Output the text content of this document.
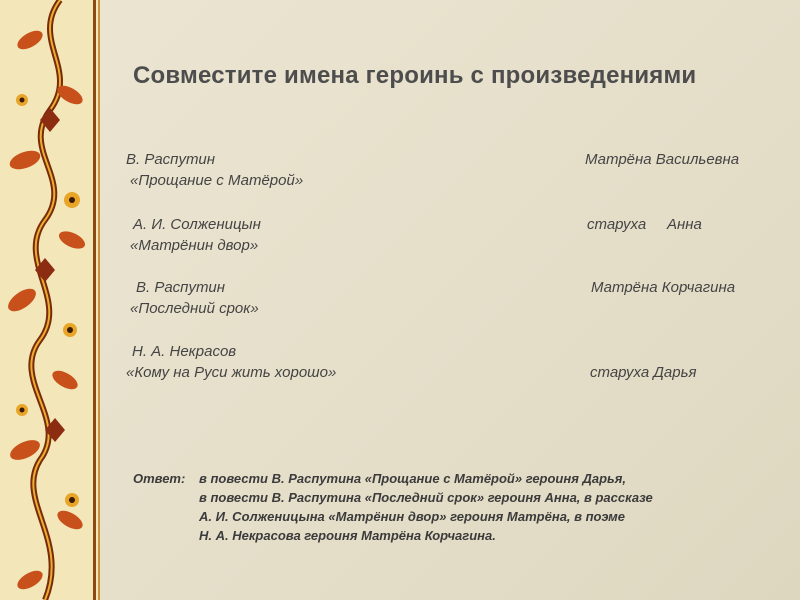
Совместите имена героинь с произведениями
В. Распутин
«Прощание с Матёрой»
Матрёна Васильевна
А. И. Солженицын
«Матрёнин двор»
старуха     Анна
В. Распутин
«Последний срок»
Матрёна Корчагина
Н. А. Некрасов
«Кому на Руси жить хорошо»	старуха Дарья
Ответ: в повести В. Распутина «Прощание с Матёрой» героиня Дарья,
в повести В. Распутина «Последний срок» героиня Анна, в рассказе
А. И. Солженицына «Матрёнин двор» героиня Матрёна, в поэме
Н. А. Некрасова героиня Матрёна Корчагина.
